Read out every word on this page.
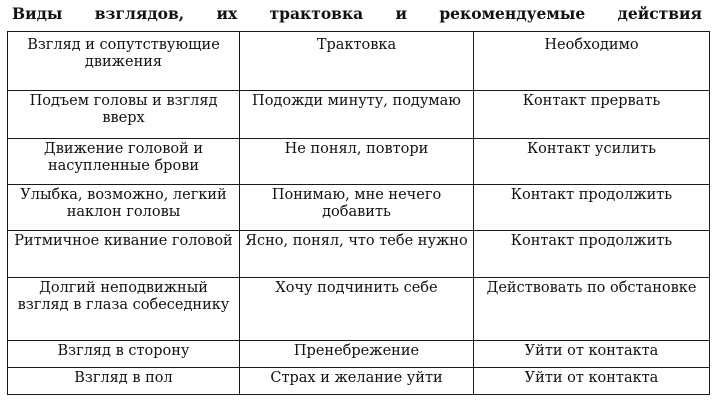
Виды взглядов, их трактовка и рекомендуемые действия
Взгляд и сопутствующие движения	Трактовка	Необходимо
Подъем головы и взгляд вверх	Подожди минуту, подумаю	Контакт прервать
Движение головой и насупленные брови	Не понял, повтори	Контакт усилить
Улыбка, возможно, легкий наклон головы	Понимаю, мне нечего добавить	Контакт продолжить
Ритмичное кивание головой	Ясно, понял, что тебе нужно	Контакт продолжить
Долгий неподвижный взгляд в глаза собеседнику	Хочу подчинить себе	Действовать по обстановке
Взгляд в сторону	Пренебрежение	Уйти от контакта
Взгляд в пол	Страх и желание уйти	Уйти от контакта
